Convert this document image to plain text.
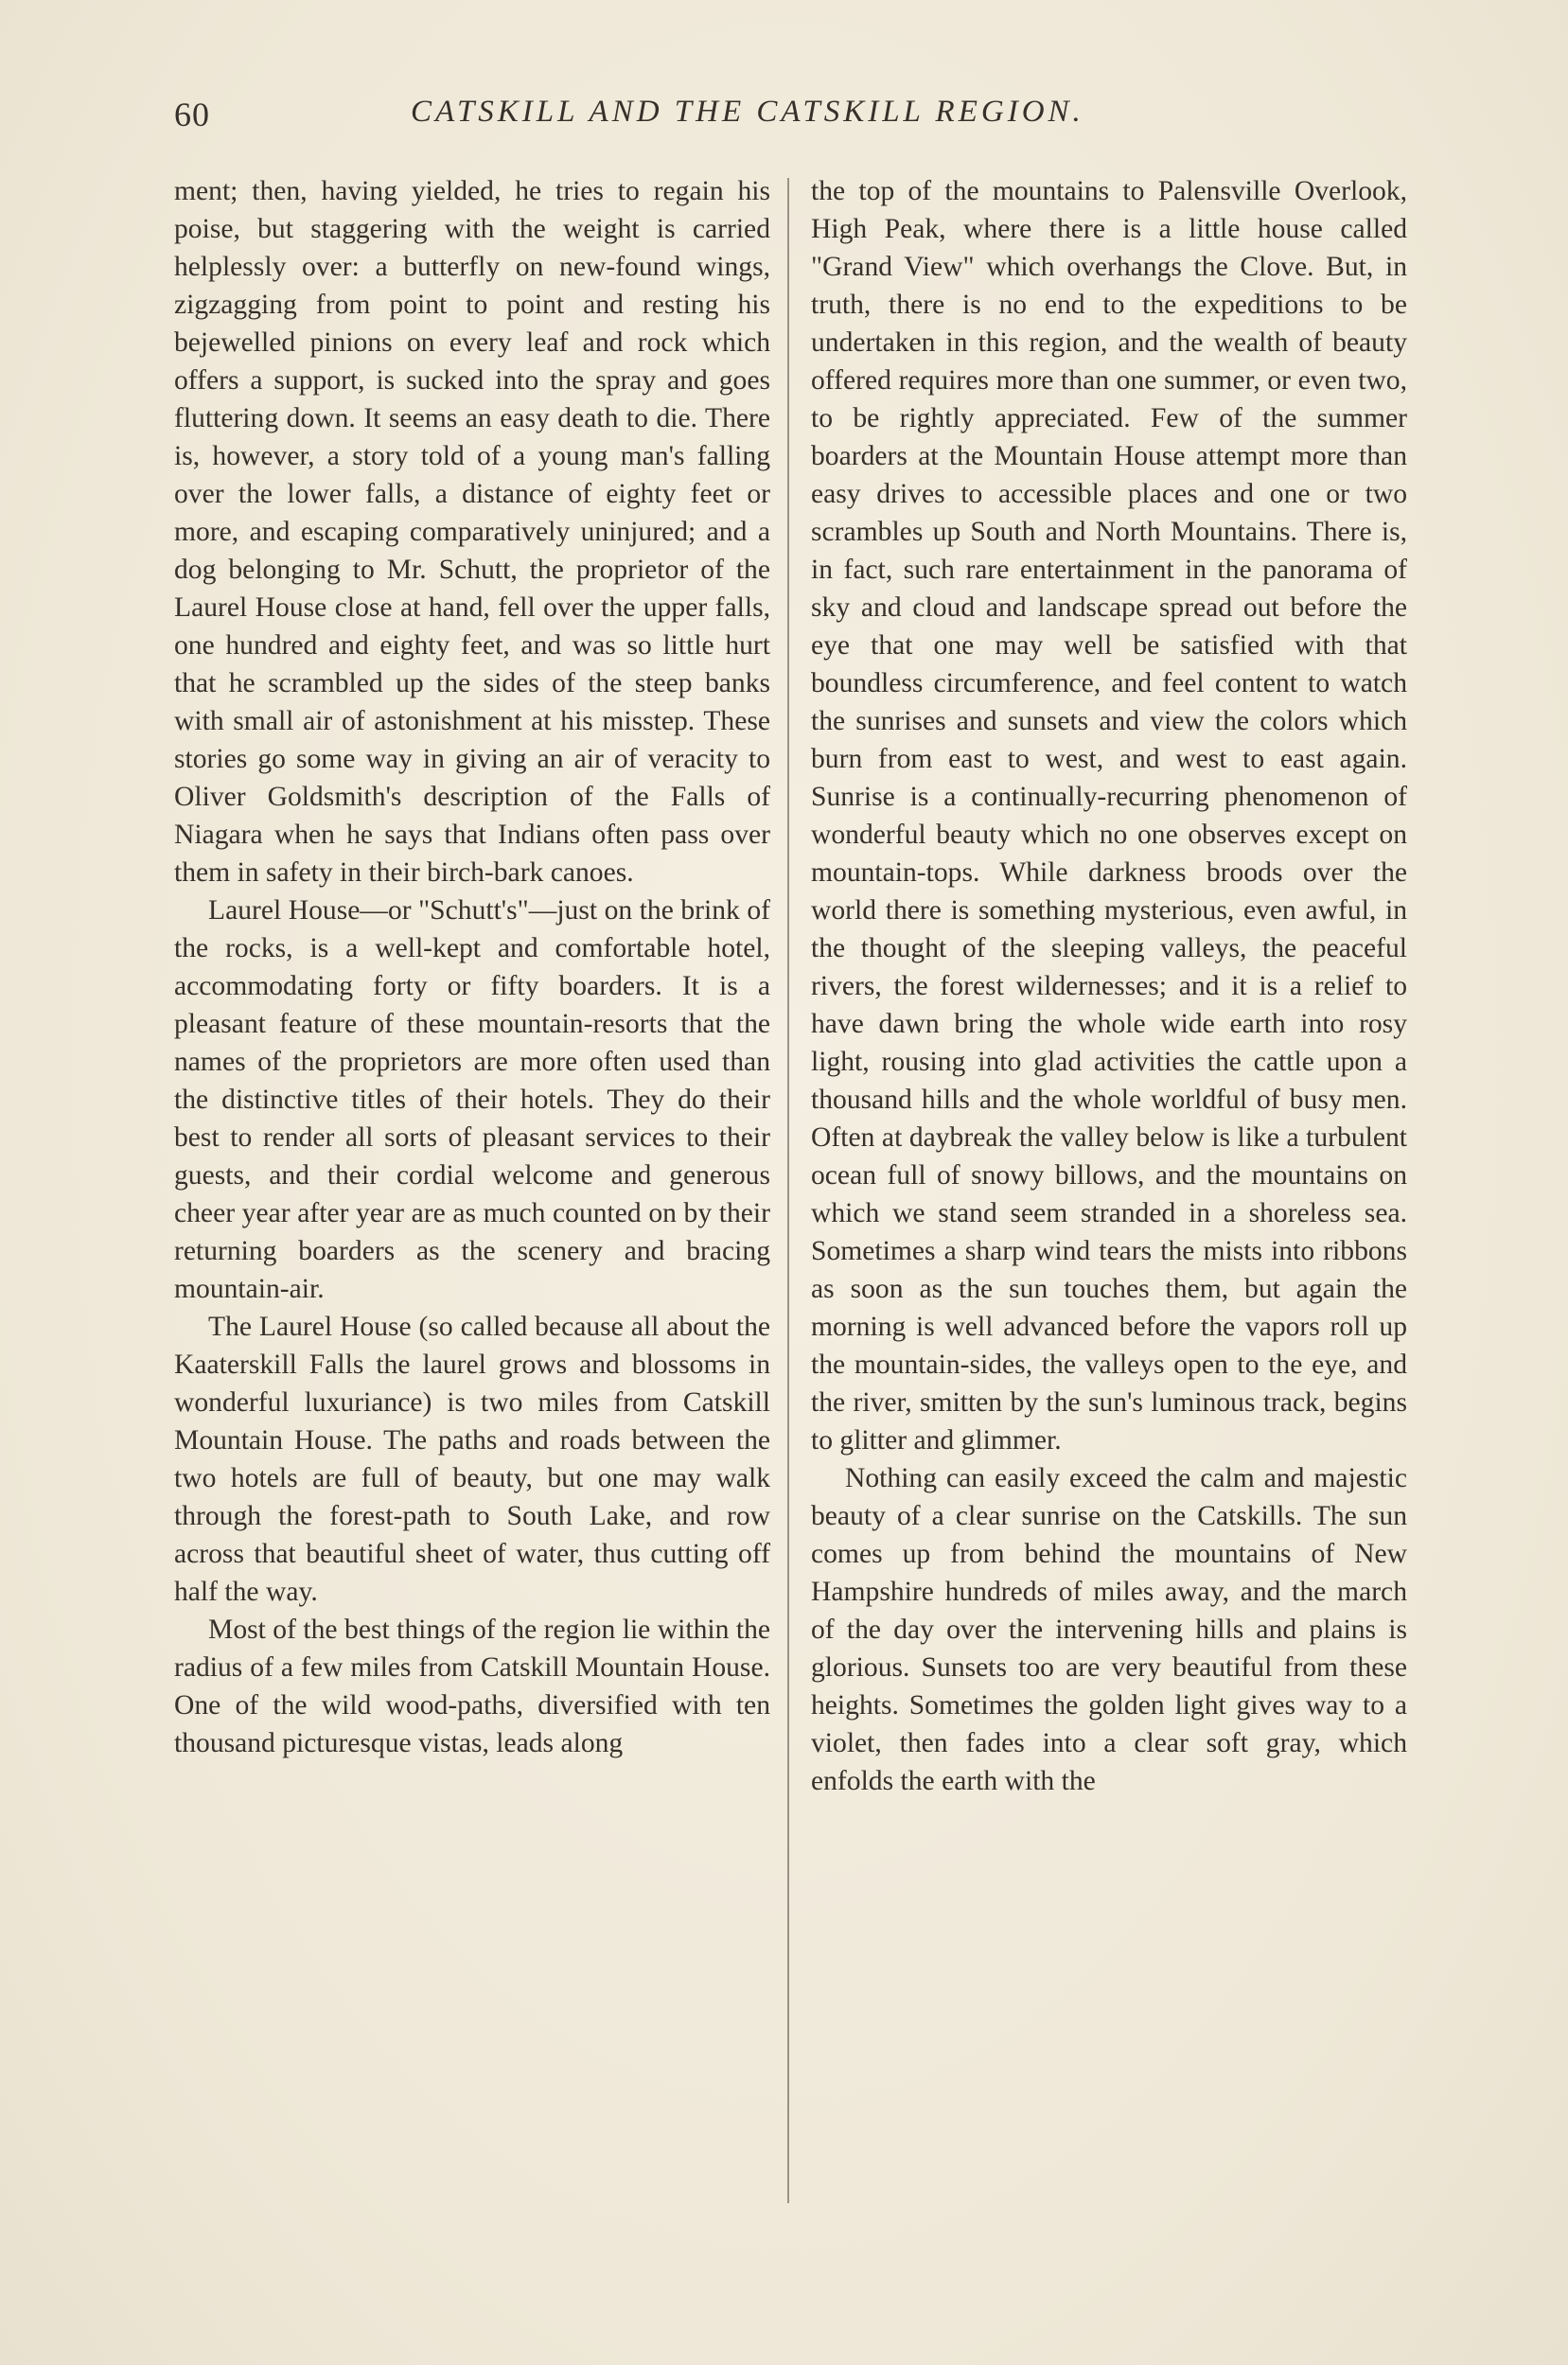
60	CATSKILL AND THE CATSKILL REGION.

ment; then, having yielded, he tries to regain his poise, but staggering with the weight is carried helplessly over: a butterfly on new-found wings, zigzagging from point to point and resting his bejewelled pinions on every leaf and rock which offers a support, is sucked into the spray and goes fluttering down. It seems an easy death to die. There is, however, a story told of a young man's falling over the lower falls, a distance of eighty feet or more, and escaping comparatively uninjured; and a dog belonging to Mr. Schutt, the proprietor of the Laurel House close at hand, fell over the upper falls, one hundred and eighty feet, and was so little hurt that he scrambled up the sides of the steep banks with small air of astonishment at his misstep. These stories go some way in giving an air of veracity to Oliver Goldsmith's description of the Falls of Niagara when he says that Indians often pass over them in safety in their birch-bark canoes.

Laurel House—or "Schutt's"—just on the brink of the rocks, is a well-kept and comfortable hotel, accommodating forty or fifty boarders. It is a pleasant feature of these mountain-resorts that the names of the proprietors are more often used than the distinctive titles of their hotels. They do their best to render all sorts of pleasant services to their guests, and their cordial welcome and generous cheer year after year are as much counted on by their returning boarders as the scenery and bracing mountain-air.

The Laurel House (so called because all about the Kaaterskill Falls the laurel grows and blossoms in wonderful luxuriance) is two miles from Catskill Mountain House. The paths and roads between the two hotels are full of beauty, but one may walk through the forest-path to South Lake, and row across that beautiful sheet of water, thus cutting off half the way.

Most of the best things of the region lie within the radius of a few miles from Catskill Mountain House. One of the wild wood-paths, diversified with ten thousand picturesque vistas, leads along

the top of the mountains to Palensville Overlook, High Peak, where there is a little house called "Grand View" which overhangs the Clove. But, in truth, there is no end to the expeditions to be undertaken in this region, and the wealth of beauty offered requires more than one summer, or even two, to be rightly appreciated. Few of the summer boarders at the Mountain House attempt more than easy drives to accessible places and one or two scrambles up South and North Mountains. There is, in fact, such rare entertainment in the panorama of sky and cloud and landscape spread out before the eye that one may well be satisfied with that boundless circumference, and feel content to watch the sunrises and sunsets and view the colors which burn from east to west, and west to east again. Sunrise is a continually-recurring phenomenon of wonderful beauty which no one observes except on mountain-tops. While darkness broods over the world there is something mysterious, even awful, in the thought of the sleeping valleys, the peaceful rivers, the forest wildernesses; and it is a relief to have dawn bring the whole wide earth into rosy light, rousing into glad activities the cattle upon a thousand hills and the whole worldful of busy men. Often at daybreak the valley below is like a turbulent ocean full of snowy billows, and the mountains on which we stand seem stranded in a shoreless sea. Sometimes a sharp wind tears the mists into ribbons as soon as the sun touches them, but again the morning is well advanced before the vapors roll up the mountain-sides, the valleys open to the eye, and the river, smitten by the sun's luminous track, begins to glitter and glimmer.

Nothing can easily exceed the calm and majestic beauty of a clear sunrise on the Catskills. The sun comes up from behind the mountains of New Hampshire hundreds of miles away, and the march of the day over the intervening hills and plains is glorious. Sunsets too are very beautiful from these heights. Sometimes the golden light gives way to a violet, then fades into a clear soft gray, which enfolds the earth with the
